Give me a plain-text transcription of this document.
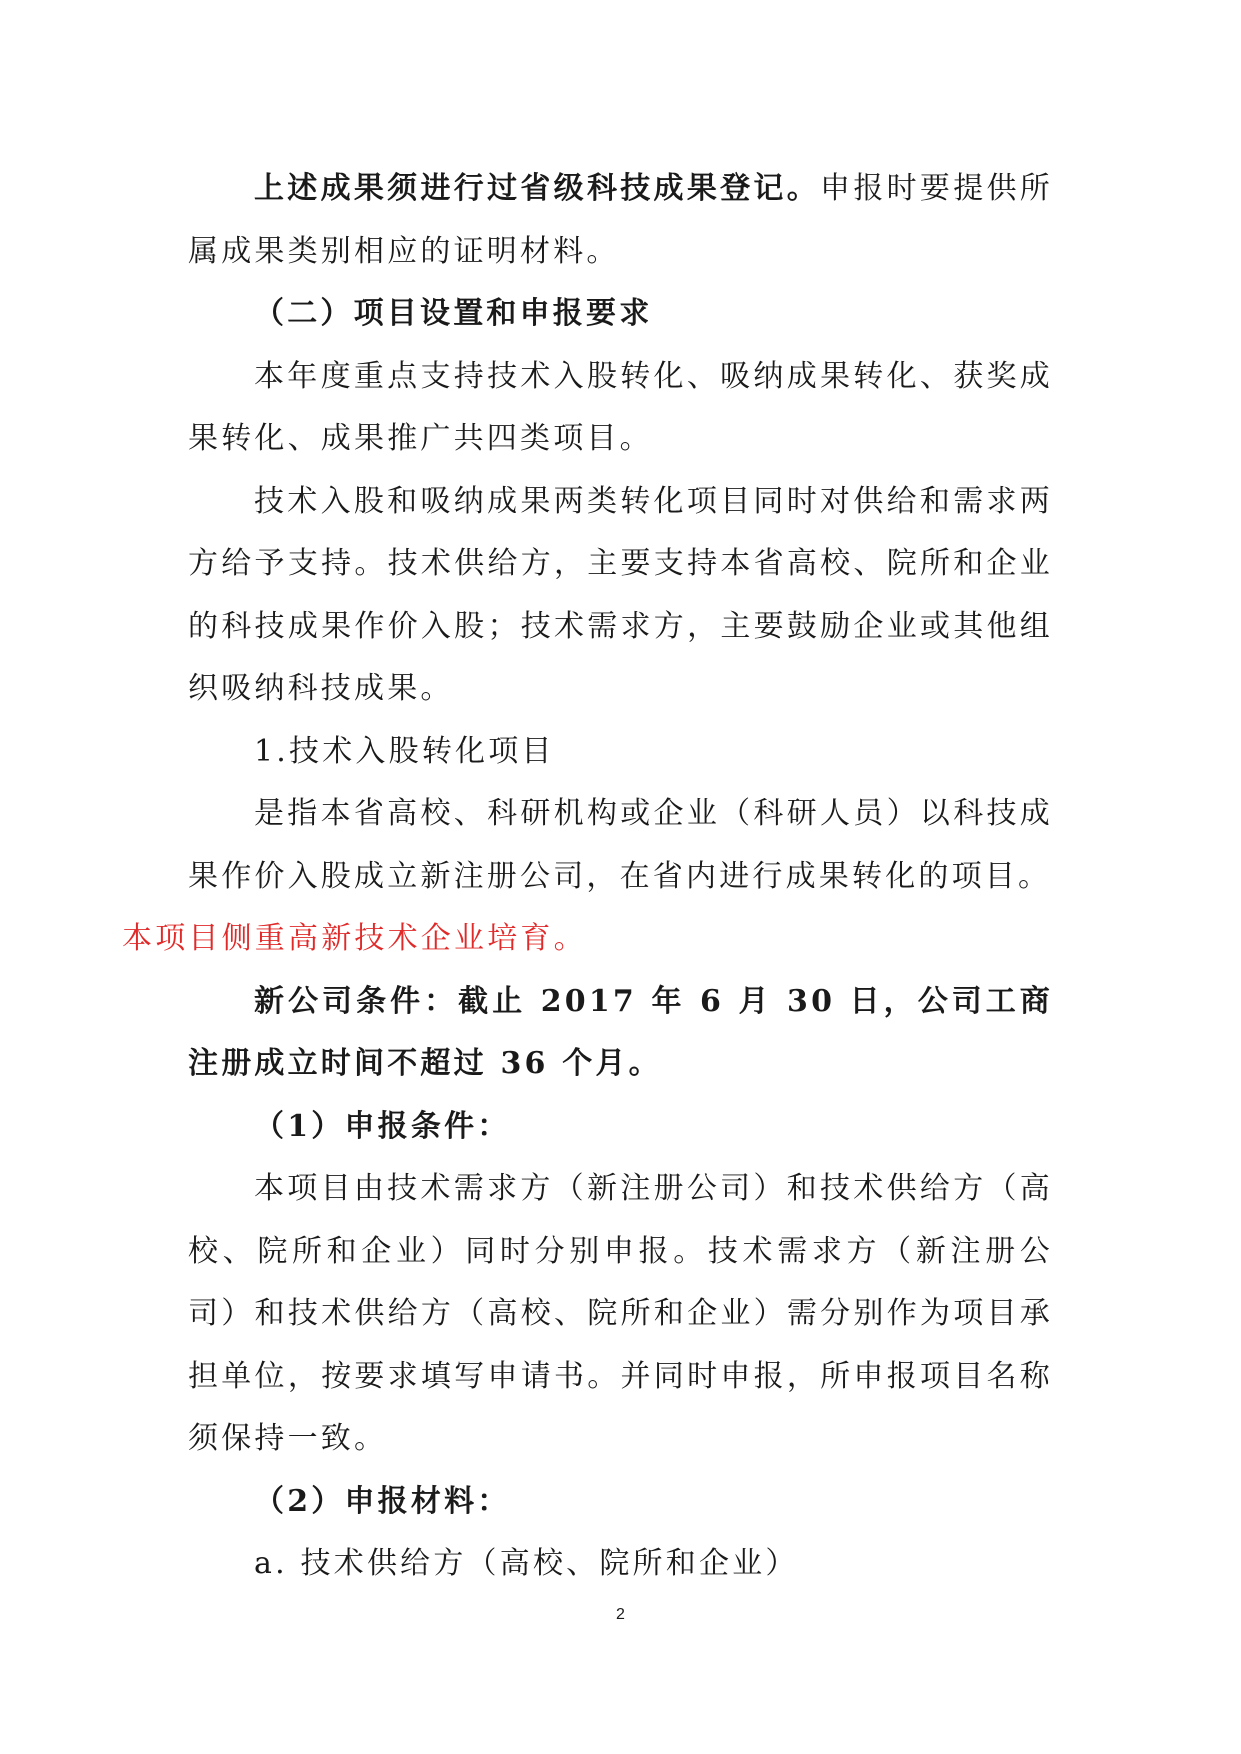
上述成果须进行过省级科技成果登记。申报时要提供所属成果类别相应的证明材料。

（二）项目设置和申报要求

本年度重点支持技术入股转化、吸纳成果转化、获奖成果转化、成果推广共四类项目。

技术入股和吸纳成果两类转化项目同时对供给和需求两方给予支持。技术供给方，主要支持本省高校、院所和企业的科技成果作价入股；技术需求方，主要鼓励企业或其他组织吸纳科技成果。

1.技术入股转化项目

是指本省高校、科研机构或企业（科研人员）以科技成果作价入股成立新注册公司，在省内进行成果转化的项目。
本项目侧重高新技术企业培育。

新公司条件：截止 2017 年 6 月 30 日，公司工商注册成立时间不超过 36 个月。

（1）申报条件：

本项目由技术需求方（新注册公司）和技术供给方（高校、院所和企业）同时分别申报。技术需求方（新注册公司）和技术供给方（高校、院所和企业）需分别作为项目承担单位，按要求填写申请书。并同时申报，所申报项目名称须保持一致。

（2）申报材料：

a. 技术供给方（高校、院所和企业）

2
